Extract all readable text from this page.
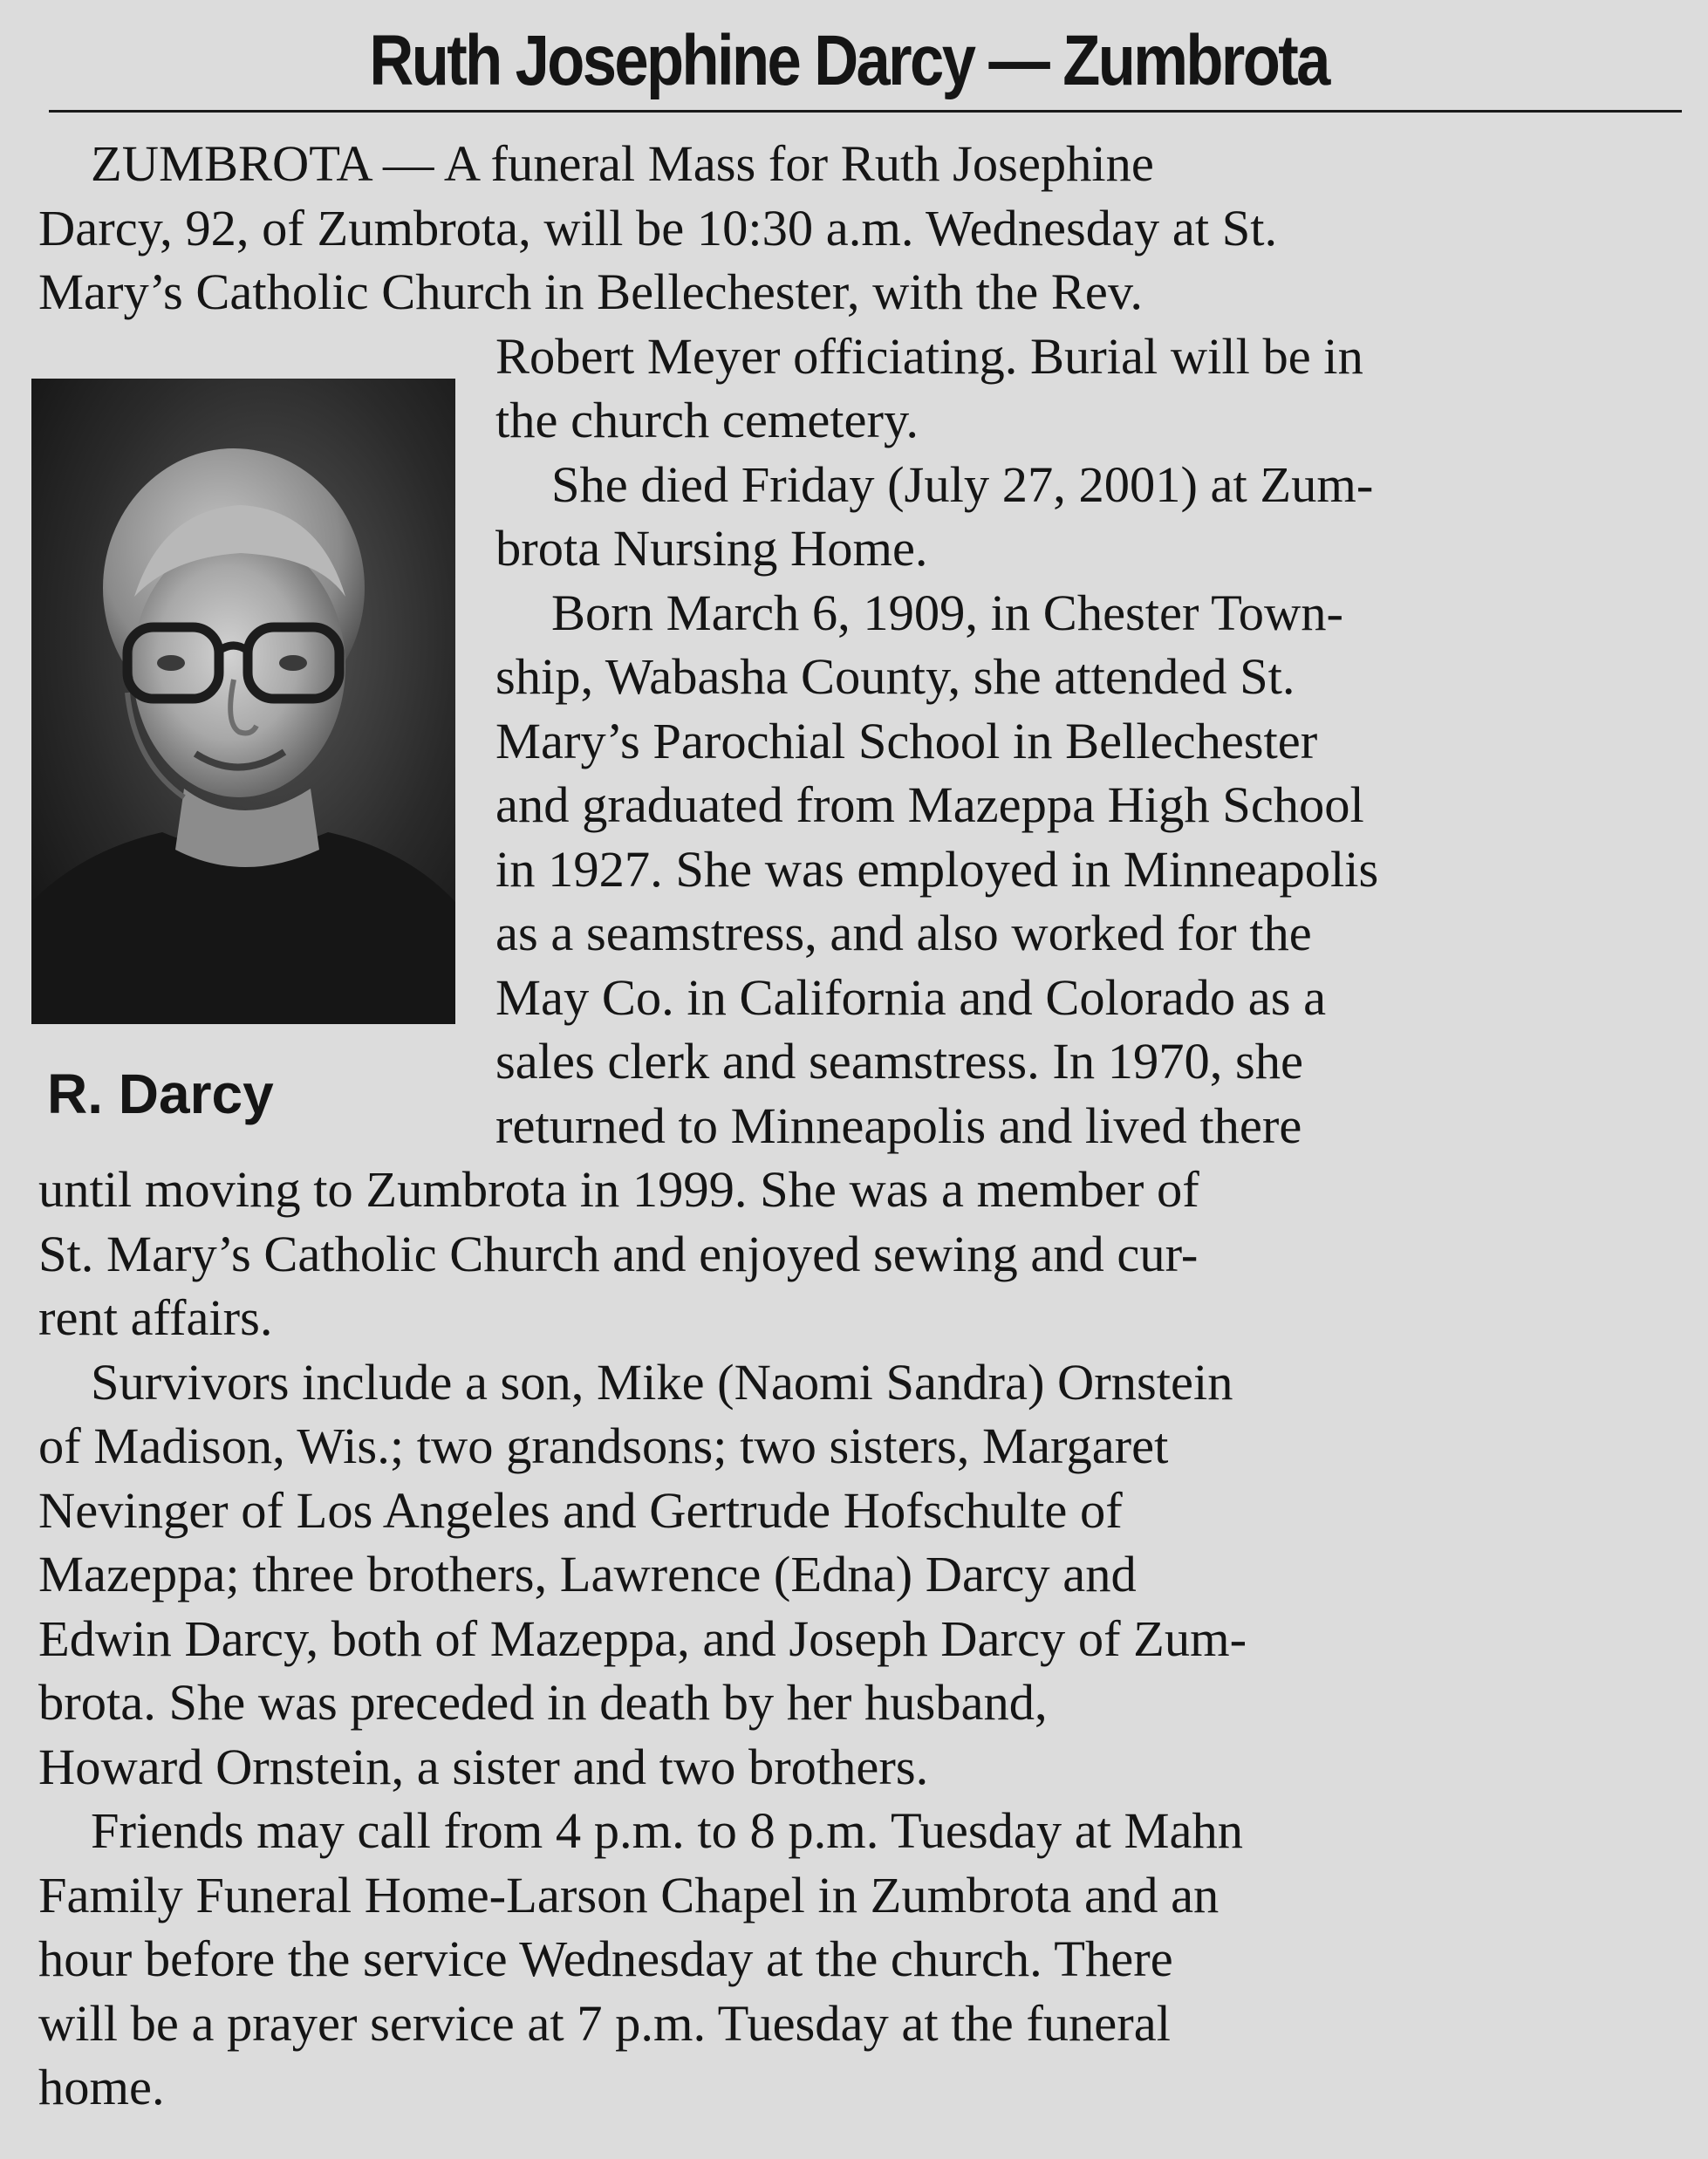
Ruth Josephine Darcy — Zumbrota
ZUMBROTA — A funeral Mass for Ruth Josephine
Darcy, 92, of Zumbrota, will be 10:30 a.m. Wednesday at St.
Mary’s Catholic Church in Bellechester, with the Rev.
Robert Meyer officiating. Burial will be in
the church cemetery.
She died Friday (July 27, 2001) at Zum-
brota Nursing Home.
Born March 6, 1909, in Chester Town-
ship, Wabasha County, she attended St.
Mary’s Parochial School in Bellechester
and graduated from Mazeppa High School
in 1927. She was employed in Minneapolis
as a seamstress, and also worked for the
May Co. in California and Colorado as a
sales clerk and seamstress. In 1970, she
returned to Minneapolis and lived there
until moving to Zumbrota in 1999. She was a member of
St. Mary’s Catholic Church and enjoyed sewing and cur-
rent affairs.
Survivors include a son, Mike (Naomi Sandra) Ornstein
of Madison, Wis.; two grandsons; two sisters, Margaret
Nevinger of Los Angeles and Gertrude Hofschulte of
Mazeppa; three brothers, Lawrence (Edna) Darcy and
Edwin Darcy, both of Mazeppa, and Joseph Darcy of Zum-
brota. She was preceded in death by her husband,
Howard Ornstein, a sister and two brothers.
Friends may call from 4 p.m. to 8 p.m. Tuesday at Mahn
Family Funeral Home-Larson Chapel in Zumbrota and an
hour before the service Wednesday at the church. There
will be a prayer service at 7 p.m. Tuesday at the funeral
home.
R. Darcy
